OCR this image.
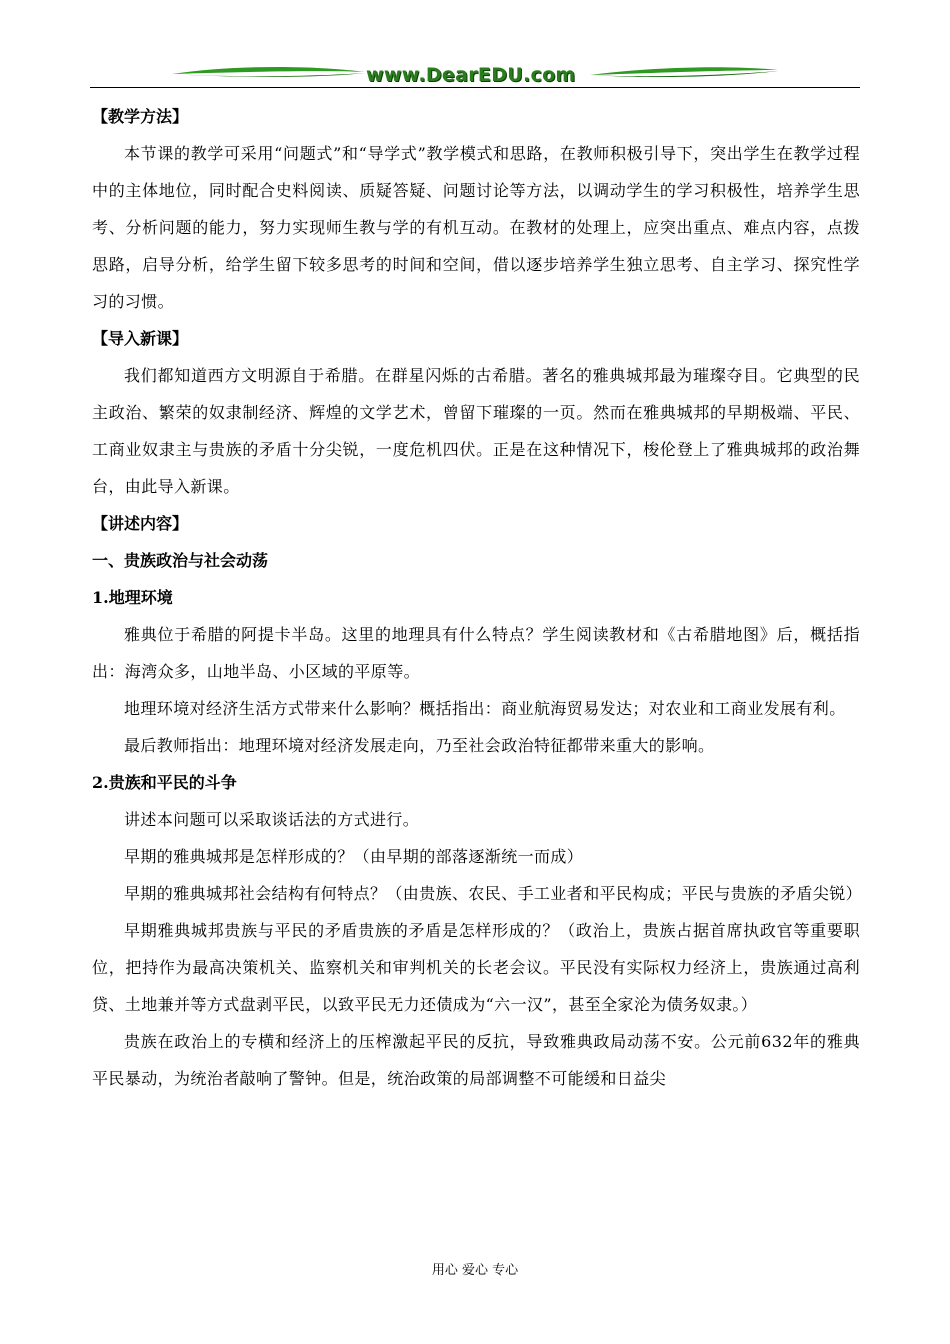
www.DearEDU.com
【教学方法】
本节课的教学可采用“问题式”和“导学式”教学模式和思路，在教师积极引导下，突出学生在教学过程中的主体地位，同时配合史料阅读、质疑答疑、问题讨论等方法，以调动学生的学习积极性，培养学生思考、分析问题的能力，努力实现师生教与学的有机互动。在教材的处理上，应突出重点、难点内容，点拨思路，启导分析，给学生留下较多思考的时间和空间，借以逐步培养学生独立思考、自主学习、探究性学习的习惯。
【导入新课】
我们都知道西方文明源自于希腊。在群星闪烁的古希腊。著名的雅典城邦最为璀璨夺目。它典型的民主政治、繁荣的奴隶制经济、辉煌的文学艺术，曾留下璀璨的一页。然而在雅典城邦的早期极端、平民、工商业奴隶主与贵族的矛盾十分尖锐，一度危机四伏。正是在这种情况下，梭伦登上了雅典城邦的政治舞台，由此导入新课。
【讲述内容】
一、贵族政治与社会动荡
1.地理环境
雅典位于希腊的阿提卡半岛。这里的地理具有什么特点？学生阅读教材和《古希腊地图》后，概括指出：海湾众多，山地半岛、小区域的平原等。
地理环境对经济生活方式带来什么影响？概括指出：商业航海贸易发达；对农业和工商业发展有利。
最后教师指出：地理环境对经济发展走向，乃至社会政治特征都带来重大的影响。
2.贵族和平民的斗争
讲述本问题可以采取谈话法的方式进行。
早期的雅典城邦是怎样形成的？（由早期的部落逐渐统一而成）
早期的雅典城邦社会结构有何特点？（由贵族、农民、手工业者和平民构成；平民与贵族的矛盾尖锐）
早期雅典城邦贵族与平民的矛盾贵族的矛盾是怎样形成的？（政治上，贵族占据首席执政官等重要职位，把持作为最高决策机关、监察机关和审判机关的长老会议。平民没有实际权力经济上，贵族通过高利贷、土地兼并等方式盘剥平民，以致平民无力还债成为“六一汉”，甚至全家沦为债务奴隶。）
贵族在政治上的专横和经济上的压榨激起平民的反抗，导致雅典政局动荡不安。公元前632年的雅典平民暴动，为统治者敲响了警钟。但是，统治政策的局部调整不可能缓和日益尖
用心 爱心 专心
